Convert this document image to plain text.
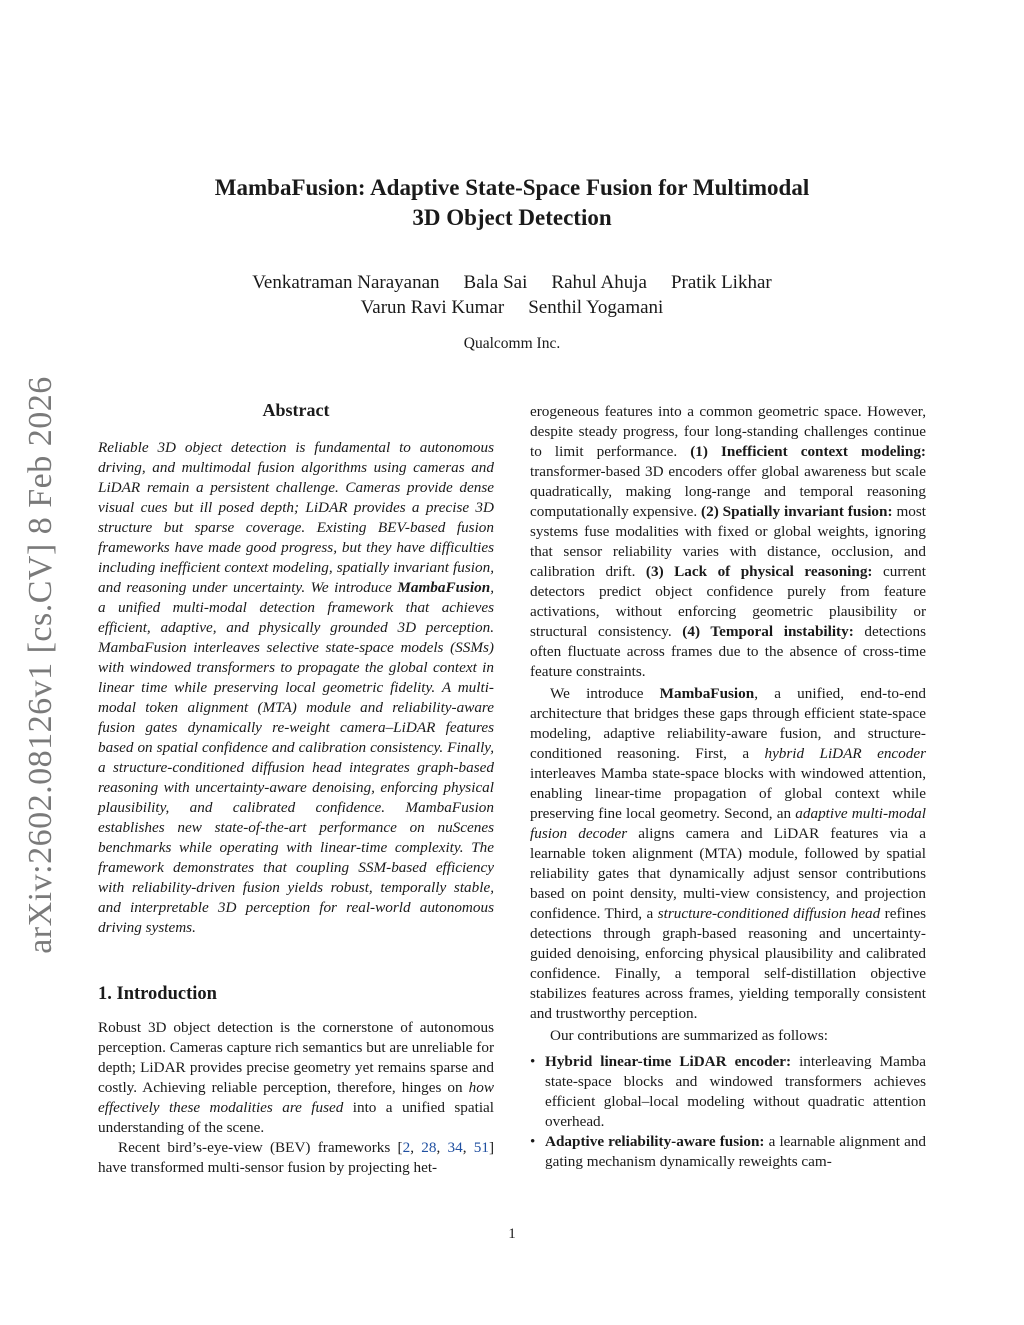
arXiv:2602.08126v1 [cs.CV] 8 Feb 2026
MambaFusion: Adaptive State-Space Fusion for Multimodal
3D Object Detection
Venkatraman Narayanan Bala Sai Rahul Ahuja Pratik Likhar
Varun Ravi Kumar Senthil Yogamani
Qualcomm Inc.
Abstract

Reliable 3D object detection is fundamental to autonomous driving, and multimodal fusion algorithms using cameras and LiDAR remain a persistent challenge. Cameras provide dense visual cues but ill posed depth; LiDAR provides a precise 3D structure but sparse coverage. Existing BEV-based fusion frameworks have made good progress, but they have difficulties including inefficient context modeling, spatially invariant fusion, and reasoning under uncertainty. We introduce MambaFusion, a unified multi-modal detection framework that achieves efficient, adaptive, and physically grounded 3D perception. MambaFusion interleaves selective state-space models (SSMs) with windowed transformers to propagate the global context in linear time while preserving local geometric fidelity. A multi-modal token alignment (MTA) module and reliability-aware fusion gates dynamically re-weight camera–LiDAR features based on spatial confidence and calibration consistency. Finally, a structure-conditioned diffusion head integrates graph-based reasoning with uncertainty-aware denoising, enforcing physical plausibility, and calibrated confidence. MambaFusion establishes new state-of-the-art performance on nuScenes benchmarks while operating with linear-time complexity. The framework demonstrates that coupling SSM-based efficiency with reliability-driven fusion yields robust, temporally stable, and interpretable 3D perception for real-world autonomous driving systems.

1. Introduction

Robust 3D object detection is the cornerstone of autonomous perception. Cameras capture rich semantics but are unreliable for depth; LiDAR provides precise geometry yet remains sparse and costly. Achieving reliable perception, therefore, hinges on how effectively these modalities are fused into a unified spatial understanding of the scene.

Recent bird’s-eye-view (BEV) frameworks [2, 28, 34, 51] have transformed multi-sensor fusion by projecting het-

erogeneous features into a common geometric space. However, despite steady progress, four long-standing challenges continue to limit performance. (1) Inefficient context modeling: transformer-based 3D encoders offer global awareness but scale quadratically, making long-range and temporal reasoning computationally expensive. (2) Spatially invariant fusion: most systems fuse modalities with fixed or global weights, ignoring that sensor reliability varies with distance, occlusion, and calibration drift. (3) Lack of physical reasoning: current detectors predict object confidence purely from feature activations, without enforcing geometric plausibility or structural consistency. (4) Temporal instability: detections often fluctuate across frames due to the absence of cross-time feature constraints.

We introduce MambaFusion, a unified, end-to-end architecture that bridges these gaps through efficient state-space modeling, adaptive reliability-aware fusion, and structure-conditioned reasoning. First, a hybrid LiDAR encoder interleaves Mamba state-space blocks with windowed attention, enabling linear-time propagation of global context while preserving fine local geometry. Second, an adaptive multi-modal fusion decoder aligns camera and LiDAR features via a learnable token alignment (MTA) module, followed by spatial reliability gates that dynamically adjust sensor contributions based on point density, multi-view consistency, and projection confidence. Third, a structure-conditioned diffusion head refines detections through graph-based reasoning and uncertainty-guided denoising, enforcing physical plausibility and calibrated confidence. Finally, a temporal self-distillation objective stabilizes features across frames, yielding temporally consistent and trustworthy perception.

Our contributions are summarized as follows:

• Hybrid linear-time LiDAR encoder: interleaving Mamba state-space blocks and windowed transformers achieves efficient global–local modeling without quadratic attention overhead.
• Adaptive reliability-aware fusion: a learnable alignment and gating mechanism dynamically reweights cam-
1
